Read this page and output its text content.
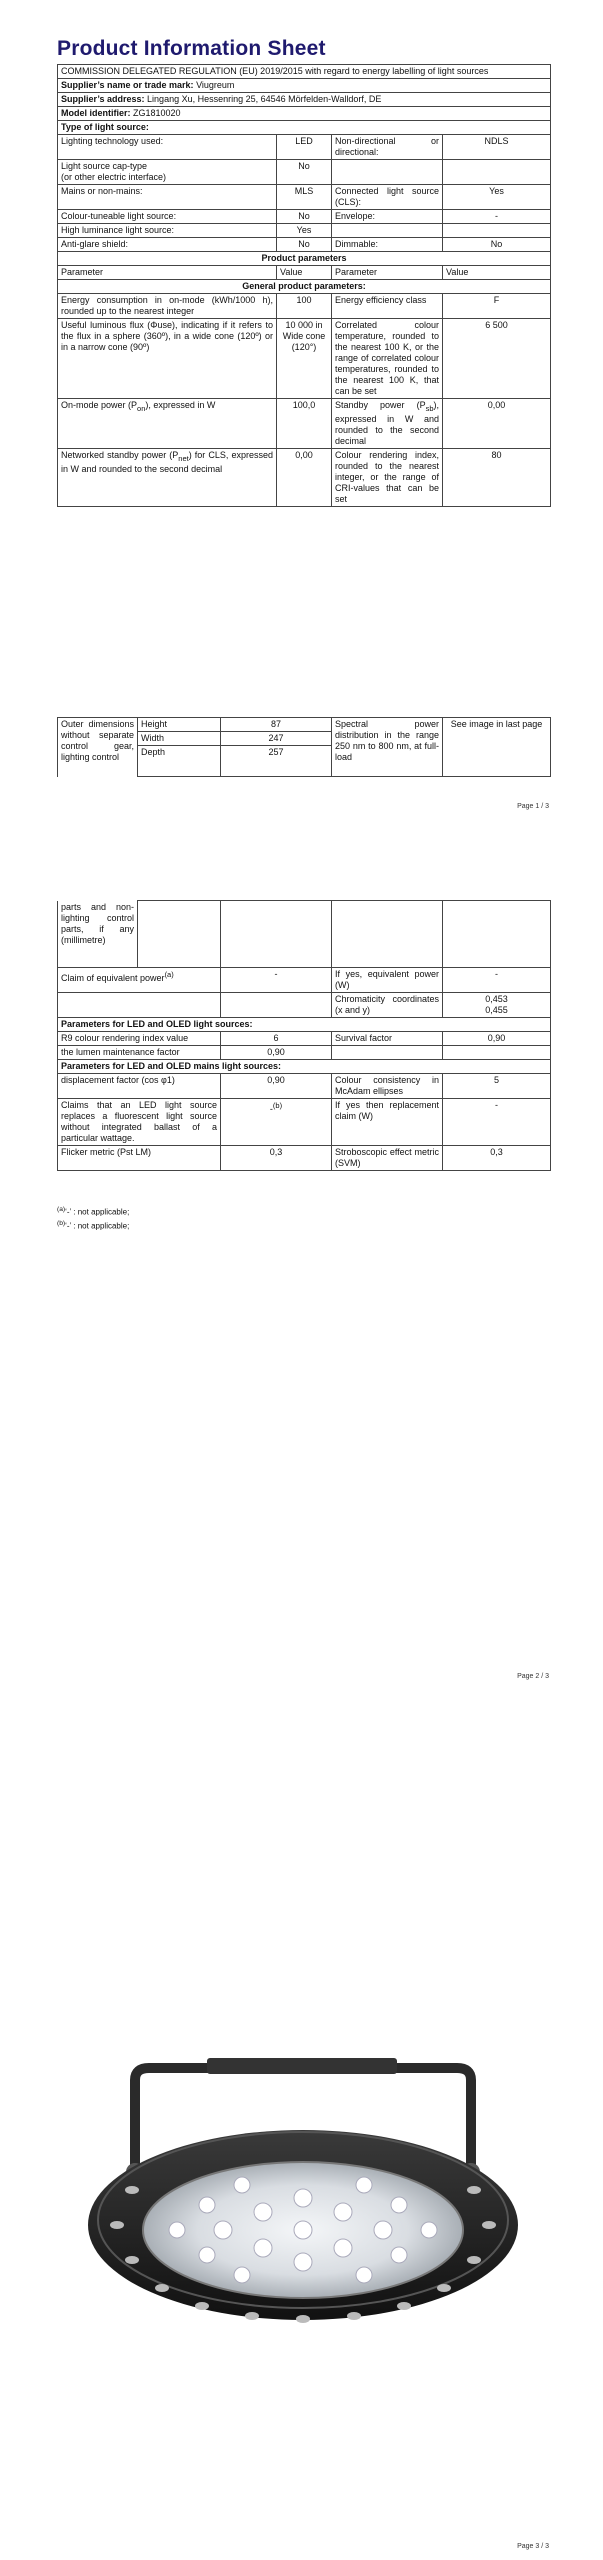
Product Information Sheet
COMMISSION DELEGATED REGULATION (EU) 2019/2015 with regard to energy labelling of light sources			
Supplier’s name or trade mark: Viugreum			
Supplier’s address: Lingang Xu, Hessenring 25, 64546 Mörfelden-Walldorf, DE			
Model identifier: ZG1810020			
Type of light source:			
Lighting technology used:	LED	Non-directional or directional:	NDLS

Light source cap-type
(or other electric interface)	No		
Mains or non-mains:	MLS	Connected light source (CLS):	Yes
Colour-tuneable light source:	No	Envelope:	-
High luminance light source:	Yes		
Anti-glare shield:	No	Dimmable:	No
Product parameters			
Parameter	Value	Parameter	Value
General product parameters:			
Energy consumption in on-mode (kWh/1000 h), rounded up to the nearest integer	100	Energy efficiency class	F
Useful luminous flux (Φuse), indicating if it refers to the flux in a sphere (360º), in a wide cone (120º) or in a narrow cone (90º)	10 000 in Wide cone (120°)	Correlated colour temperature, rounded to the nearest 100 K, or the range of correlated colour temperatures, rounded to the nearest 100 K, that can be set	6 500
On-mode power $(P_{on})$, expressed in W	100,0	Standby power $(P_{sb})$, expressed in W and rounded to the second decimal	0,00
Networked standby power $(P_{net})$ for CLS, expressed in W and rounded to the second decimal	0,00	Colour rendering index, rounded to the nearest integer, or the range of CRI-values that can be set	80
Outer dimensions without separate control gear, lighting control	Height	87	Spectral power distribution in the range 250 nm to 800 nm, at full-load	See image in last page
	Width	247		
	Depth	257		
Page 1 / 3
parts and non-lighting control parts, if any (millimetre)				
Claim of equivalent power$^{(a)}$		-	If yes, equivalent power (W)	-
			Chromaticity coordinates (x and y)	0,453
0,455

Parameters for LED and OLED light sources:				
R9 colour rendering index value		6	Survival factor	0,90
the lumen maintenance factor		0,90		
Parameters for LED and OLED mains light sources:				
displacement factor (cos φ1)		0,90	Colour consistency in McAdam ellipses	5
Claims that an LED light source replaces a fluorescent light source without integrated ballast of a particular wattage.		-$^{(b)}$	If yes then replacement claim (W)	-
Flicker metric (Pst LM)		0,3	Stroboscopic effect metric (SVM)	0,3
$^{(a)}$‘-’ : not applicable;
$^{(b)}$‘-’ : not applicable;
Page 2 / 3
Page 3 / 3
